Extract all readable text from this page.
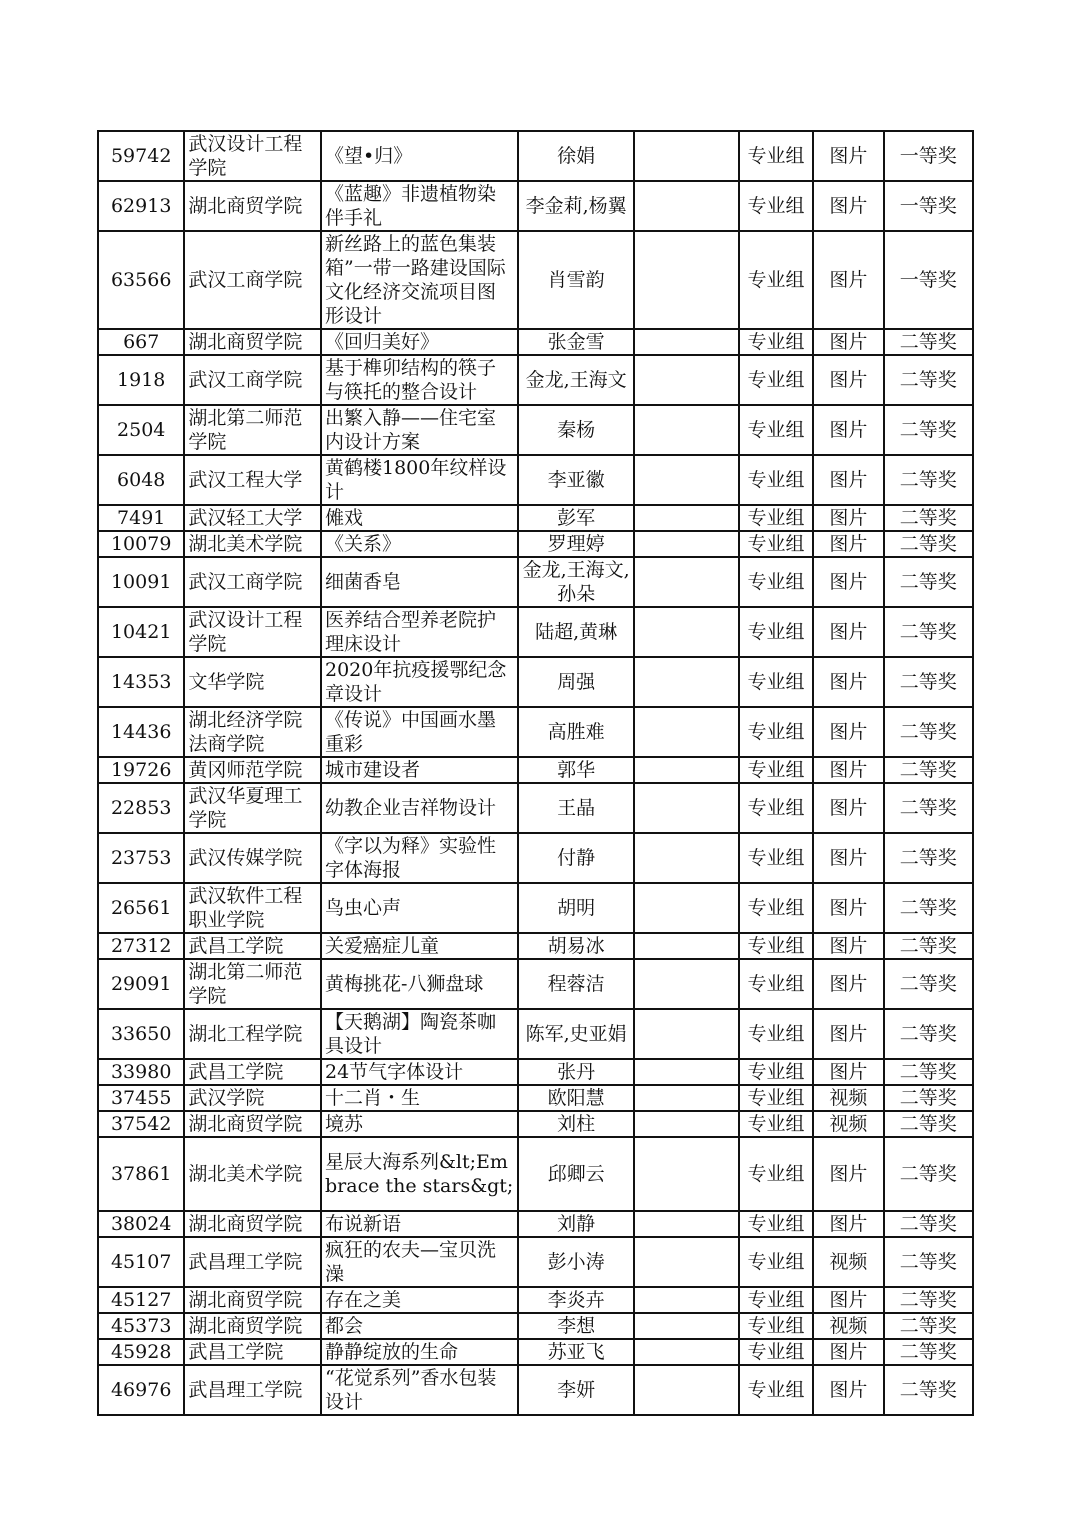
59742	武汉设计工程学院	《望•归》	徐娟		专业组	图片	一等奖
62913	湖北商贸学院	《蓝趣》非遗植物染伴手礼	李金莉,杨翼		专业组	图片	一等奖
63566	武汉工商学院	新丝路上的蓝色集装箱”一带一路建设国际文化经济交流项目图形设计	肖雪韵		专业组	图片	一等奖
667	湖北商贸学院	《回归美好》	张金雪		专业组	图片	二等奖
1918	武汉工商学院	基于榫卯结构的筷子与筷托的整合设计	金龙,王海文		专业组	图片	二等奖
2504	湖北第二师范学院	出繁入静——住宅室内设计方案	秦杨		专业组	图片	二等奖
6048	武汉工程大学	黄鹤楼1800年纹样设计	李亚徽		专业组	图片	二等奖
7491	武汉轻工大学	傩戏	彭军		专业组	图片	二等奖
10079	湖北美术学院	《关系》	罗理婷		专业组	图片	二等奖
10091	武汉工商学院	细菌香皂	金龙,王海文,孙朵		专业组	图片	二等奖
10421	武汉设计工程学院	医养结合型养老院护理床设计	陆超,黄琳		专业组	图片	二等奖
14353	文华学院	2020年抗疫援鄂纪念章设计	周强		专业组	图片	二等奖
14436	湖北经济学院法商学院	《传说》中国画水墨重彩	高胜难		专业组	图片	二等奖
19726	黄冈师范学院	城市建设者	郭华		专业组	图片	二等奖
22853	武汉华夏理工学院	幼教企业吉祥物设计	王晶		专业组	图片	二等奖
23753	武汉传媒学院	《字以为释》实验性字体海报	付静		专业组	图片	二等奖
26561	武汉软件工程职业学院	鸟虫心声	胡明		专业组	图片	二等奖
27312	武昌工学院	关爱癌症儿童	胡易冰		专业组	图片	二等奖
29091	湖北第二师范学院	黄梅挑花-八狮盘球	程蓉洁		专业组	图片	二等奖
33650	湖北工程学院	【天鹅湖】陶瓷茶咖具设计	陈军,史亚娟		专业组	图片	二等奖
33980	武昌工学院	24节气字体设计	张丹		专业组	图片	二等奖
37455	武汉学院	十二肖・生	欧阳慧		专业组	视频	二等奖
37542	湖北商贸学院	境苏	刘柱		专业组	视频	二等奖
37861	湖北美术学院	星辰大海系列&lt;Embrace the stars&gt;	邱卿云		专业组	图片	二等奖
38024	湖北商贸学院	布说新语	刘静		专业组	图片	二等奖
45107	武昌理工学院	疯狂的农夫—宝贝洗澡	彭小涛		专业组	视频	二等奖
45127	湖北商贸学院	存在之美	李炎卉		专业组	图片	二等奖
45373	湖北商贸学院	都会	李想		专业组	视频	二等奖
45928	武昌工学院	静静绽放的生命	苏亚飞		专业组	图片	二等奖
46976	武昌理工学院	“花觉系列”香水包装设计	李妍		专业组	图片	二等奖
